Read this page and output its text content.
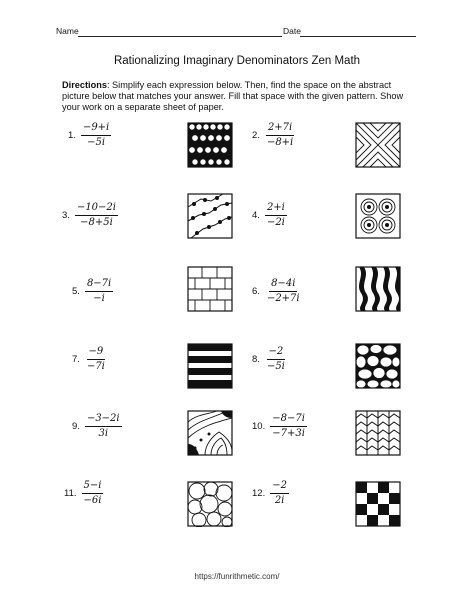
Name	Date
Rationalizing Imaginary Denominators Zen Math
Directions: Simplify each expression below. Then, find the space on the abstract picture below that matches your answer. Fill that space with the given pattern. Show your work on a separate sheet of paper.
1. $\frac{-9+i}{-5i}$	2. $\frac{2+7i}{-8+i}$
3. $\frac{-10-2i}{-8+5i}$	4. $\frac{2+i}{-2i}$
5. $\frac{8-7i}{-i}$	6. $\frac{8-4i}{-2+7i}$
7. $\frac{-9}{-7i}$	8. $\frac{-2}{-5i}$
9. $\frac{-3-2i}{3i}$	10. $\frac{-8-7i}{-7+3i}$
11. $\frac{5-i}{-6i}$	12. $\frac{-2}{2i}$
https://funrithmetic.com/
